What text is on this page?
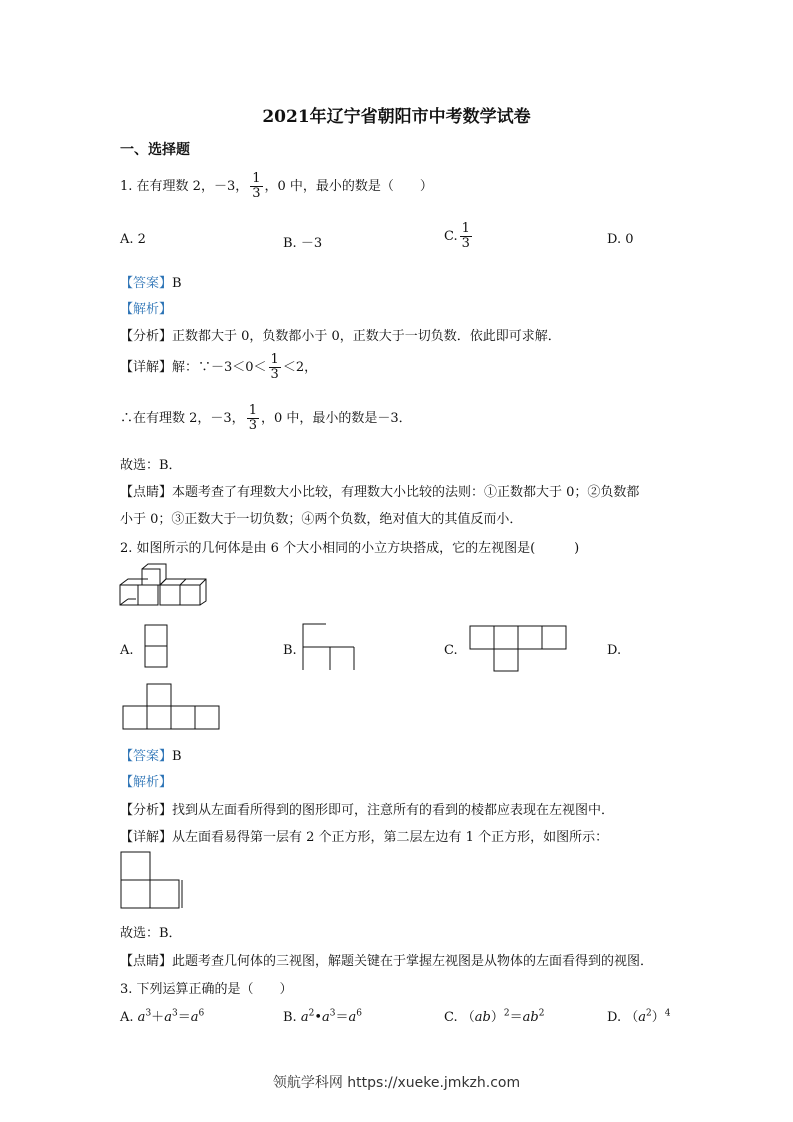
2021年辽宁省朝阳市中考数学试卷
一、选择题
1. 在有理数 2，－3， $\frac{1}{3}$ ，0 中，最小的数是（　　）
A. 2	B. －3	C. $\frac{1}{3}$	D. 0
【答案】B
【解析】
【分析】正数都大于 0，负数都小于 0，正数大于一切负数．依此即可求解．
【详解】解：∵－3＜0＜ $\frac{1}{3} <2$，
∴在有理数 2，－3， $\frac{1}{3}$ ，0 中，最小的数是－3．
故选：B．
【点睛】本题考查了有理数大小比较，有理数大小比较的法则：①正数都大于 0；②负数都
小于 0；③正数大于一切负数；④两个负数，绝对值大的其值反而小．
2. 如图所示的几何体是由 6 个大小相同的小立方块搭成，它的左视图是(　　　)
A.	B.	C.	D.
【答案】B
【解析】
【分析】找到从左面看所得到的图形即可，注意所有的看到的棱都应表现在左视图中．
【详解】从左面看易得第一层有 2 个正方形，第二层左边有 1 个正方形，如图所示：
故选：B．
【点睛】此题考查几何体的三视图，解题关键在于掌握左视图是从物体的左面看得到的视图．
3. 下列运算正确的是（　　）
A. $a^3+a^3=a^6$	B. $a^2•a^3=a^6$	C. $(ab)^2=ab^2$	D. $(a^2)^4$
领航学科网 https://xueke.jmkzh.com
